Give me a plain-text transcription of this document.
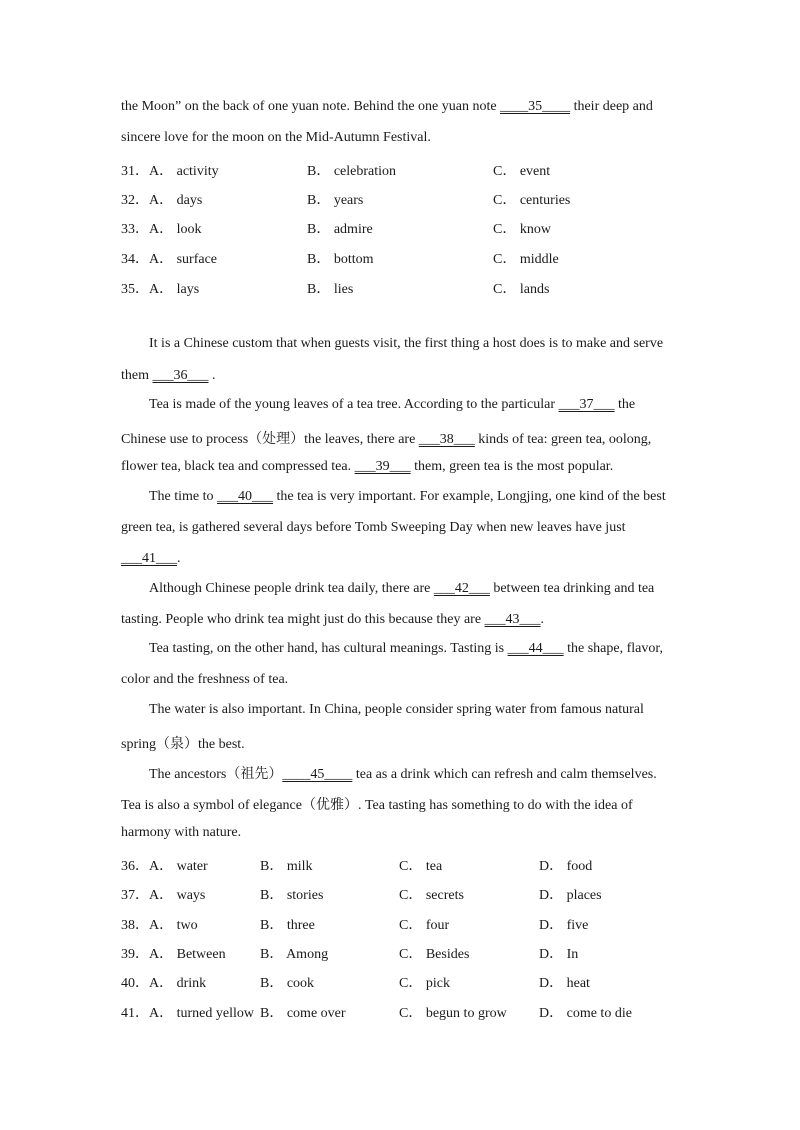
the Moon” on the back of one yuan note. Behind the one yuan note ____35____ their deep and
sincere love for the moon on the Mid-Autumn Festival.
31． A． activity	B． celebration	C． event
32． A． days	B． years	C． centuries
33． A． look	B． admire	C． know
34． A． surface	B． bottom	C． middle
35． A． lays	B． lies	C． lands
It is a Chinese custom that when guests visit, the first thing a host does is to make and serve
them ___36___ .
Tea is made of the young leaves of a tea tree. According to the particular ___37___ the
Chinese use to process（处理）the leaves, there are ___38___ kinds of tea: green tea, oolong,
flower tea, black tea and compressed tea. ___39___ them, green tea is the most popular.
The time to ___40___ the tea is very important. For example, Longjing, one kind of the best
green tea, is gathered several days before Tomb Sweeping Day when new leaves have just
___41___.
Although Chinese people drink tea daily, there are ___42___ between tea drinking and tea
tasting. People who drink tea might just do this because they are ___43___.
Tea tasting, on the other hand, has cultural meanings. Tasting is ___44___ the shape, flavor,
color and the freshness of tea.
The water is also important. In China, people consider spring water from famous natural
spring（泉）the best.
The ancestors（祖先）____45____ tea as a drink which can refresh and calm themselves.
Tea is also a symbol of elegance（优雅）. Tea tasting has something to do with the idea of
harmony with nature.
36． A． water	B． milk	C． tea	D． food
37． A． ways	B． stories	C． secrets	D． places
38． A． two	B． three	C． four	D． five
39． A． Between B． Among	C． Besides	D． In
40． A． drink	B． cook	C． pick	D． heat
41． A． turned yellow B． come over	C． begun to grow D． come to die
